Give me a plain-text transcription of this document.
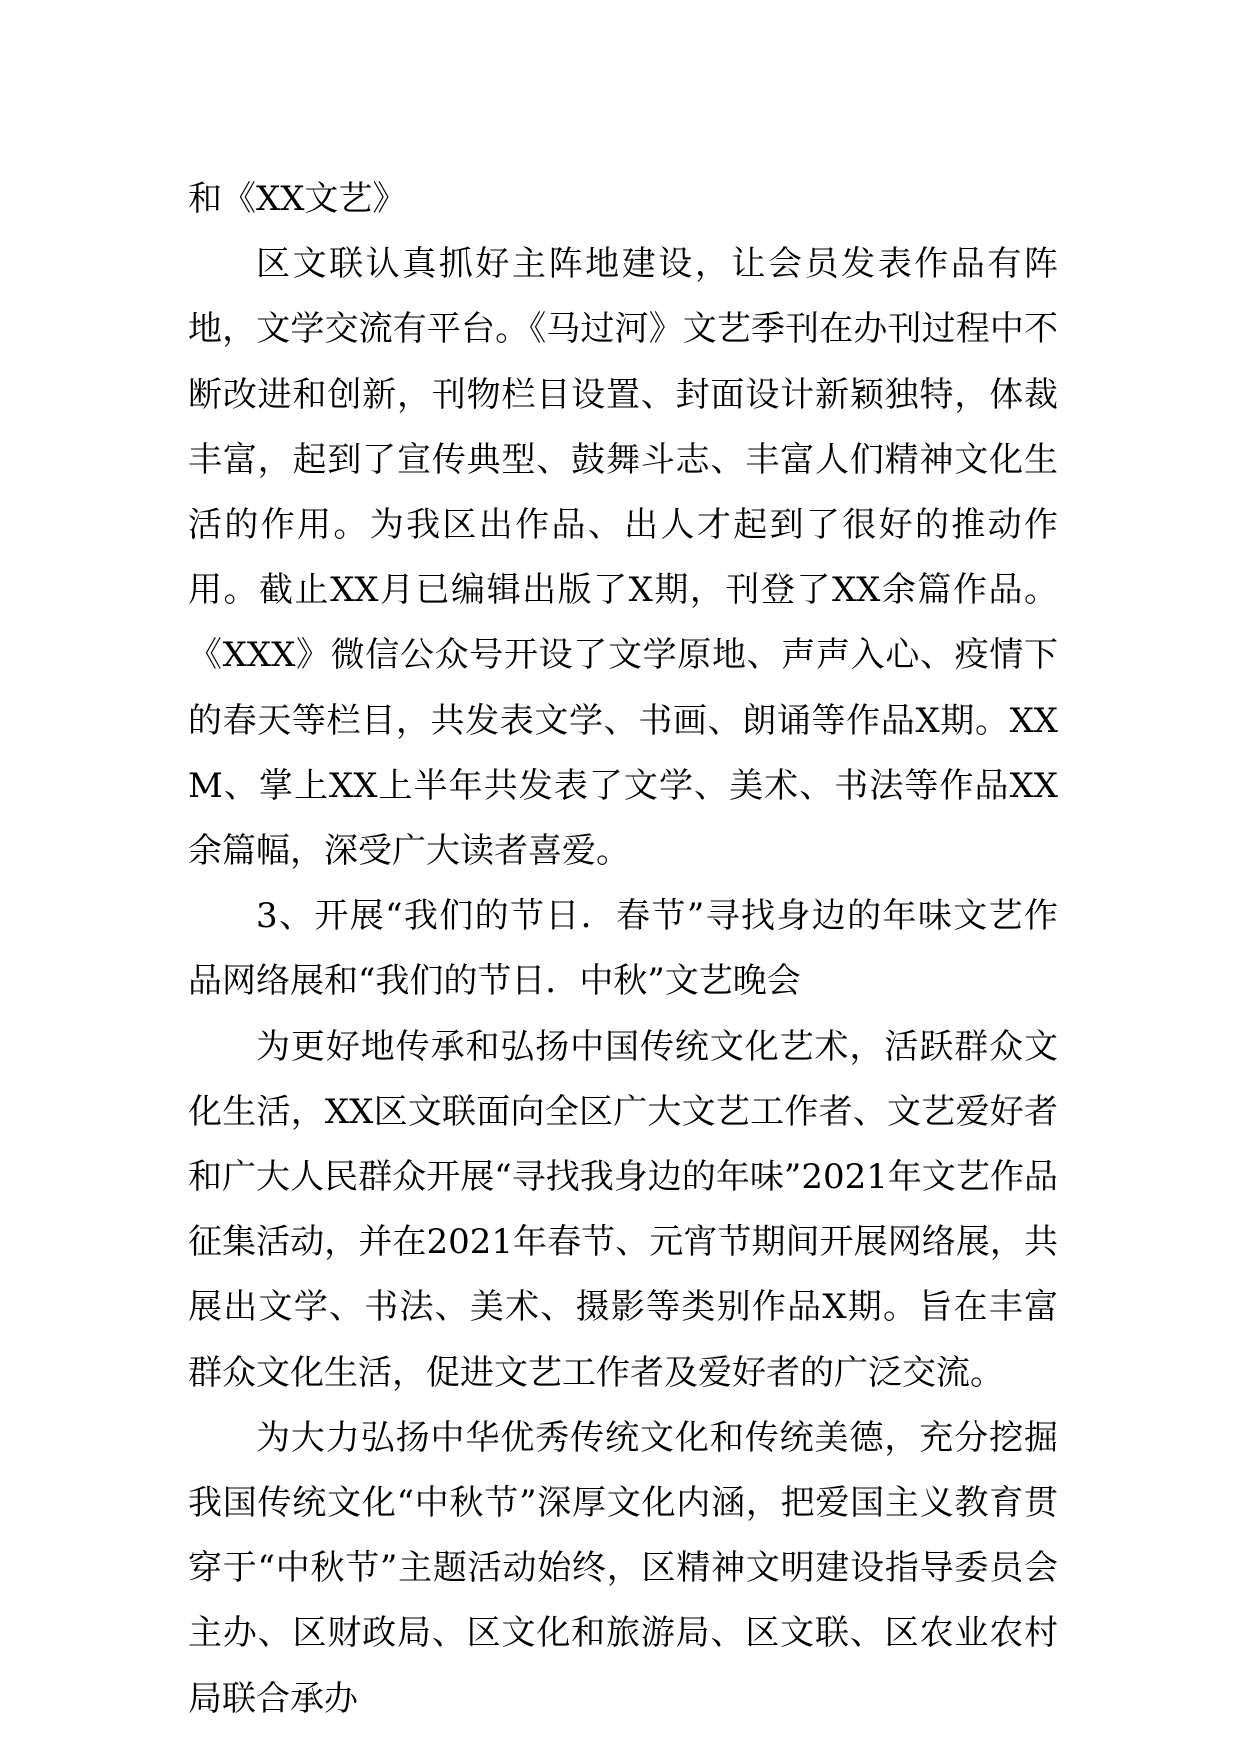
和《XX文艺》

区文联认真抓好主阵地建设，让会员发表作品有阵地，文学交流有平台。《马过河》文艺季刊在办刊过程中不断改进和创新，刊物栏目设置、封面设计新颖独特，体裁丰富，起到了宣传典型、鼓舞斗志、丰富人们精神文化生活的作用。为我区出作品、出人才起到了很好的推动作用。截止XX月已编辑出版了X期，刊登了XX余篇作品。《XXX》微信公众号开设了文学原地、声声入心、疫情下的春天等栏目，共发表文学、书画、朗诵等作品X期。XXM、掌上XX上半年共发表了文学、美术、书法等作品XX余篇幅，深受广大读者喜爱。

3、开展“我们的节日．春节”寻找身边的年味文艺作品网络展和“我们的节日．中秋”文艺晚会

为更好地传承和弘扬中国传统文化艺术，活跃群众文化生活，XX区文联面向全区广大文艺工作者、文艺爱好者和广大人民群众开展“寻找我身边的年味”2021年文艺作品征集活动，并在2021年春节、元宵节期间开展网络展，共展出文学、书法、美术、摄影等类别作品X期。旨在丰富群众文化生活，促进文艺工作者及爱好者的广泛交流。

为大力弘扬中华优秀传统文化和传统美德，充分挖掘我国传统文化“中秋节”深厚文化内涵，把爱国主义教育贯穿于“中秋节”主题活动始终，区精神文明建设指导委员会主办、区财政局、区文化和旅游局、区文联、区农业农村局联合承办
